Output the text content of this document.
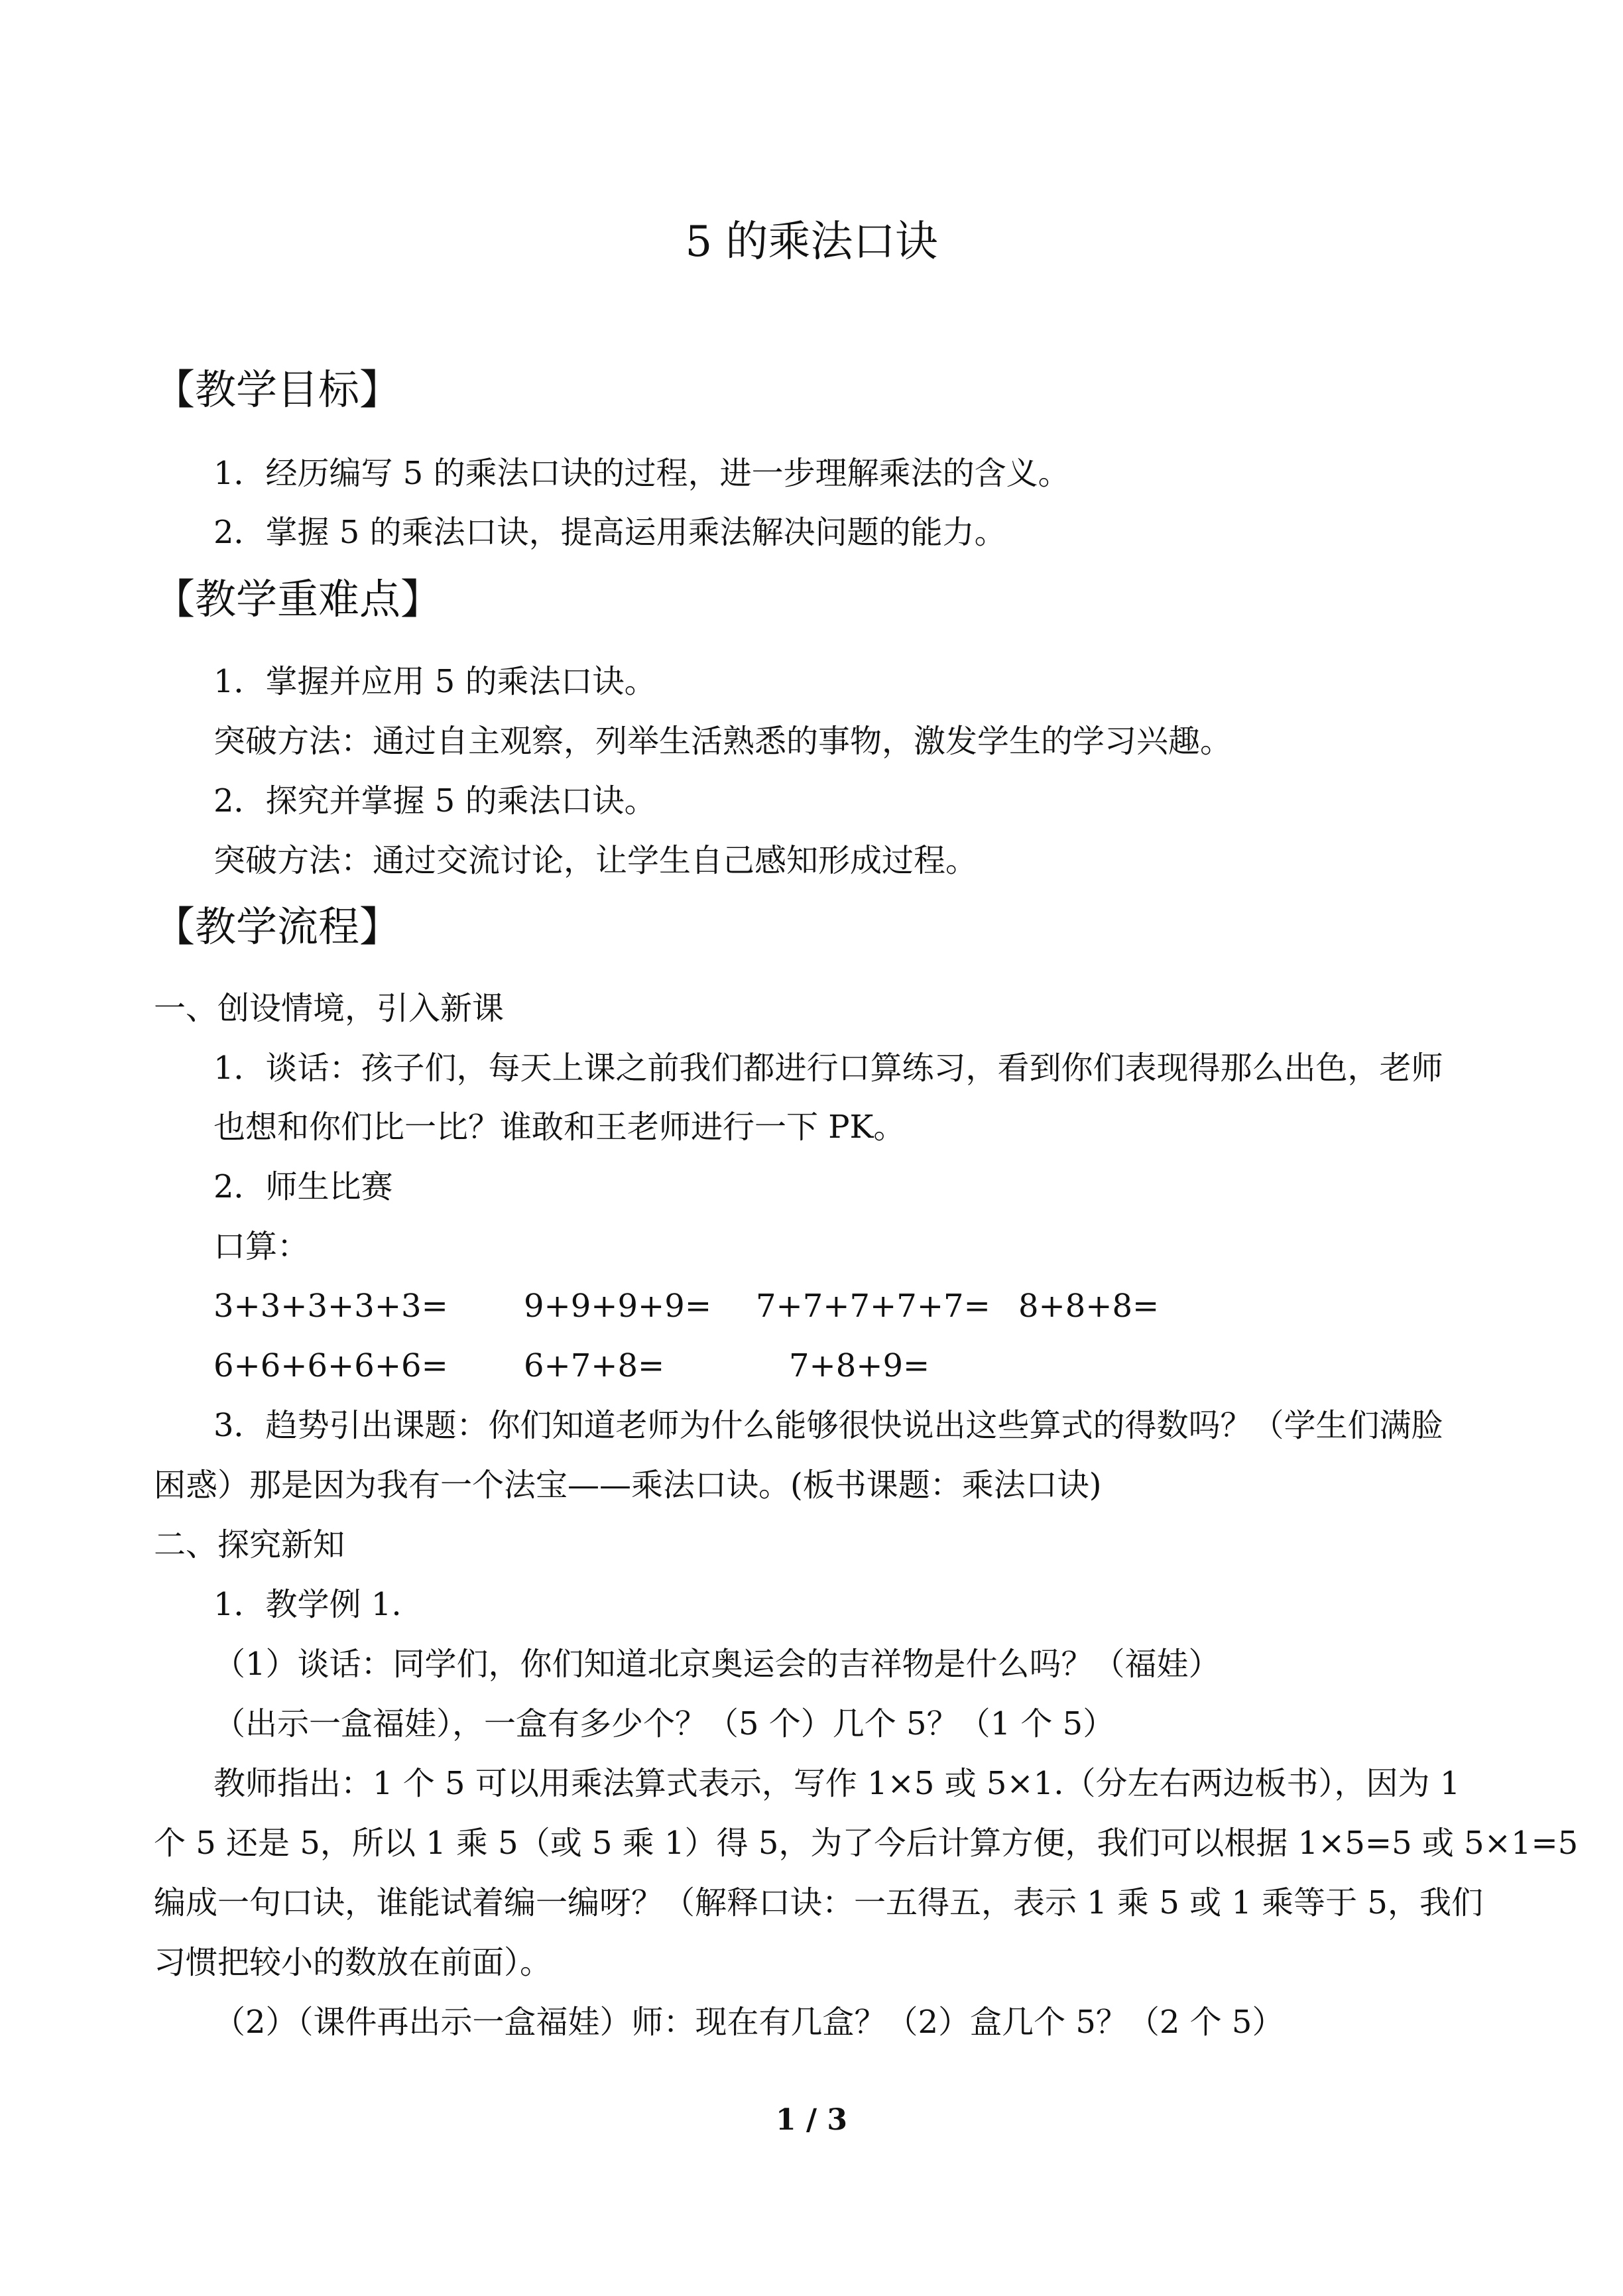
5 的乘法口诀
【教学目标】
1．经历编写 5 的乘法口诀的过程，进一步理解乘法的含义。
2．掌握 5 的乘法口诀，提高运用乘法解决问题的能力。
【教学重难点】
1．掌握并应用 5 的乘法口诀。
突破方法：通过自主观察，列举生活熟悉的事物，激发学生的学习兴趣。
2．探究并掌握 5 的乘法口诀。
突破方法：通过交流讨论，让学生自己感知形成过程。
【教学流程】
一、创设情境，引入新课
1．谈话：孩子们，每天上课之前我们都进行口算练习，看到你们表现得那么出色，老师
也想和你们比一比？谁敢和王老师进行一下 PK。
2．师生比赛
口算：
3+3+3+3+3= 9+9+9+9= 7+7+7+7+7= 8+8+8=
6+6+6+6+6= 6+7+8=	7+8+9=
3．趋势引出课题：你们知道老师为什么能够很快说出这些算式的得数吗？（学生们满脸
困惑）那是因为我有一个法宝——乘法口诀。(板书课题：乘法口诀)
二、探究新知
1．教学例 1.
（1）谈话：同学们，你们知道北京奥运会的吉祥物是什么吗？（福娃）
（出示一盒福娃），一盒有多少个？（5 个）几个 5？（1 个 5）
教师指出：1 个 5 可以用乘法算式表示，写作 1×5 或 5×1.（分左右两边板书），因为 1
个 5 还是 5，所以 1 乘 5（或 5 乘 1）得 5，为了今后计算方便，我们可以根据 1×5=5 或 5×1=5
编成一句口诀，谁能试着编一编呀？（解释口诀：一五得五，表示 1 乘 5 或 1 乘等于 5，我们
习惯把较小的数放在前面）。
（2）（课件再出示一盒福娃）师：现在有几盒？（2）盒几个 5？（2 个 5）
1 / 3
